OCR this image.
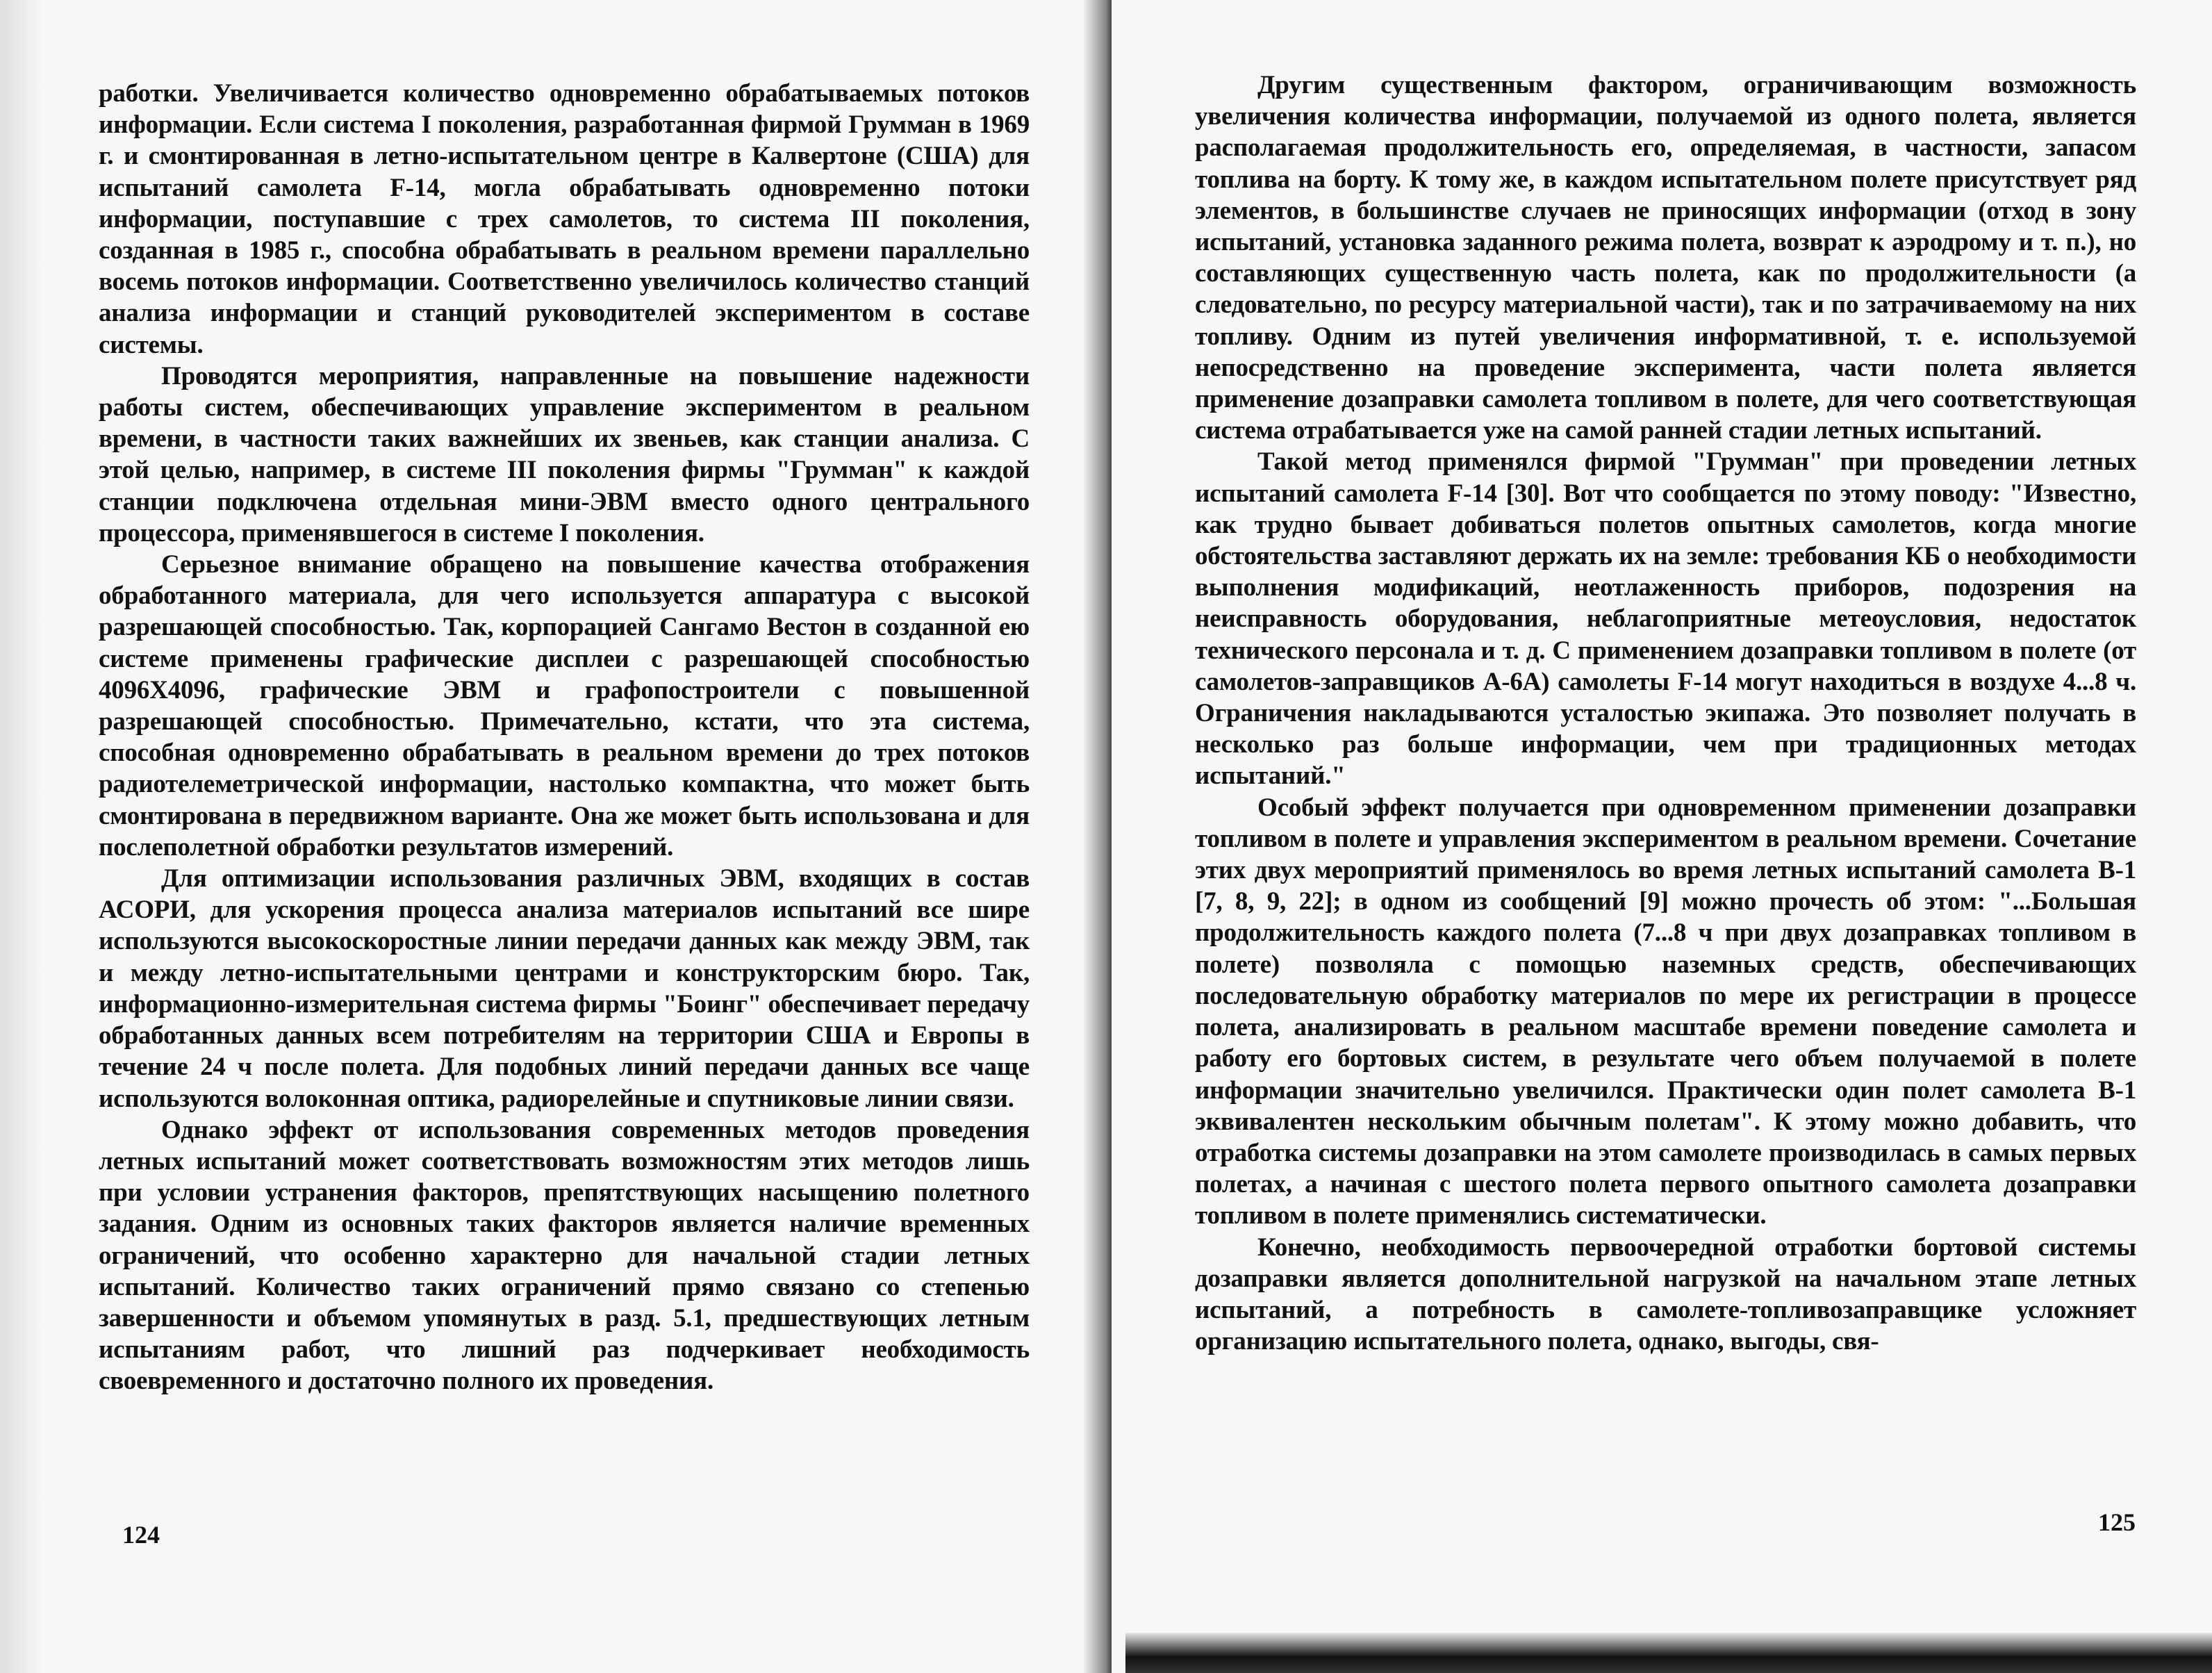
работки. Увеличивается количество одновременно обрабатываемых потоков информации. Если система I поколения, разработанная фирмой Грумман в 1969 г. и смонтированная в летно-испытательном центре в Калвертоне (США) для испытаний самолета F-14, могла обрабатывать одновременно потоки информации, поступавшие с трех самолетов, то система III поколения, созданная в 1985 г., способна обрабатывать в реальном времени параллельно восемь потоков информации. Соответственно увеличилось количество станций анализа информации и станций руководителей экспериментом в составе системы.

Проводятся мероприятия, направленные на повышение надежности работы систем, обеспечивающих управление экспериментом в реальном времени, в частности таких важнейших их звеньев, как станции анализа. С этой целью, например, в системе III поколения фирмы "Грумман" к каждой станции подключена отдельная мини-ЭВМ вместо одного центрального процессора, применявшегося в системе I поколения.

Серьезное внимание обращено на повышение качества отображения обработанного материала, для чего используется аппаратура с высокой разрешающей способностью. Так, корпорацией Сангамо Вестон в созданной ею системе применены графические дисплеи с разрешающей способностью 4096X4096, графические ЭВМ и графопостроители с повышенной разрешающей способностью. Примечательно, кстати, что эта система, способная одновременно обрабатывать в реальном времени до трех потоков радиотелеметрической информации, настолько компактна, что может быть смонтирована в передвижном варианте. Она же может быть использована и для послеполетной обработки результатов измерений.

Для оптимизации использования различных ЭВМ, входящих в состав АСОРИ, для ускорения процесса анализа материалов испытаний все шире используются высокоскоростные линии передачи данных как между ЭВМ, так и между летно-испытательными центрами и конструкторским бюро. Так, информационно-измерительная система фирмы "Боинг" обеспечивает передачу обработанных данных всем потребителям на территории США и Европы в течение 24 ч после полета. Для подобных линий передачи данных все чаще используются волоконная оптика, радиорелейные и спутниковые линии связи.

Однако эффект от использования современных методов проведения летных испытаний может соответствовать возможностям этих методов лишь при условии устранения факторов, препятствующих насыщению полетного задания. Одним из основных таких факторов является наличие временных ограничений, что особенно характерно для начальной стадии летных испытаний. Количество таких ограничений прямо связано со степенью завершенности и объемом упомянутых в разд. 5.1, предшествующих летным испытаниям работ, что лишний раз подчеркивает необходимость своевременного и достаточно полного их проведения.

124

Другим существенным фактором, ограничивающим возможность увеличения количества информации, получаемой из одного полета, является располагаемая продолжительность его, определяемая, в частности, запасом топлива на борту. К тому же, в каждом испытательном полете присутствует ряд элементов, в большинстве случаев не приносящих информации (отход в зону испытаний, установка заданного режима полета, возврат к аэродрому и т. п.), но составляющих существенную часть полета, как по продолжительности (а следовательно, по ресурсу материальной части), так и по затрачиваемому на них топливу. Одним из путей увеличения информативной, т. е. используемой непосредственно на проведение эксперимента, части полета является применение дозаправки самолета топливом в полете, для чего соответствующая система отрабатывается уже на самой ранней стадии летных испытаний.

Такой метод применялся фирмой "Грумман" при проведении летных испытаний самолета F-14 [30]. Вот что сообщается по этому поводу: "Известно, как трудно бывает добиваться полетов опытных самолетов, когда многие обстоятельства заставляют держать их на земле: требования КБ о необходимости выполнения модификаций, неотлаженность приборов, подозрения на неисправность оборудования, неблагоприятные метеоусловия, недостаток технического персонала и т. д. С применением дозаправки топливом в полете (от самолетов-заправщиков А-6А) самолеты F-14 могут находиться в воздухе 4...8 ч. Ограничения накладываются усталостью экипажа. Это позволяет получать в несколько раз больше информации, чем при традиционных методах испытаний."

Особый эффект получается при одновременном применении дозаправки топливом в полете и управления экспериментом в реальном времени. Сочетание этих двух мероприятий применялось во время летных испытаний самолета B-1 [7, 8, 9, 22]; в одном из сообщений [9] можно прочесть об этом: "...Большая продолжительность каждого полета (7...8 ч при двух дозаправках топливом в полете) позволяла с помощью наземных средств, обеспечивающих последовательную обработку материалов по мере их регистрации в процессе полета, анализировать в реальном масштабе времени поведение самолета и работу его бортовых систем, в результате чего объем получаемой в полете информации значительно увеличился. Практически один полет самолета B-1 эквивалентен нескольким обычным полетам". К этому можно добавить, что отработка системы дозаправки на этом самолете производилась в самых первых полетах, а начиная с шестого полета первого опытного самолета дозаправки топливом в полете применялись систематически.

Конечно, необходимость первоочередной отработки бортовой системы дозаправки является дополнительной нагрузкой на начальном этапе летных испытаний, а потребность в самолете-топливозаправщике усложняет организацию испытательного полета, однако, выгоды, свя-

125
